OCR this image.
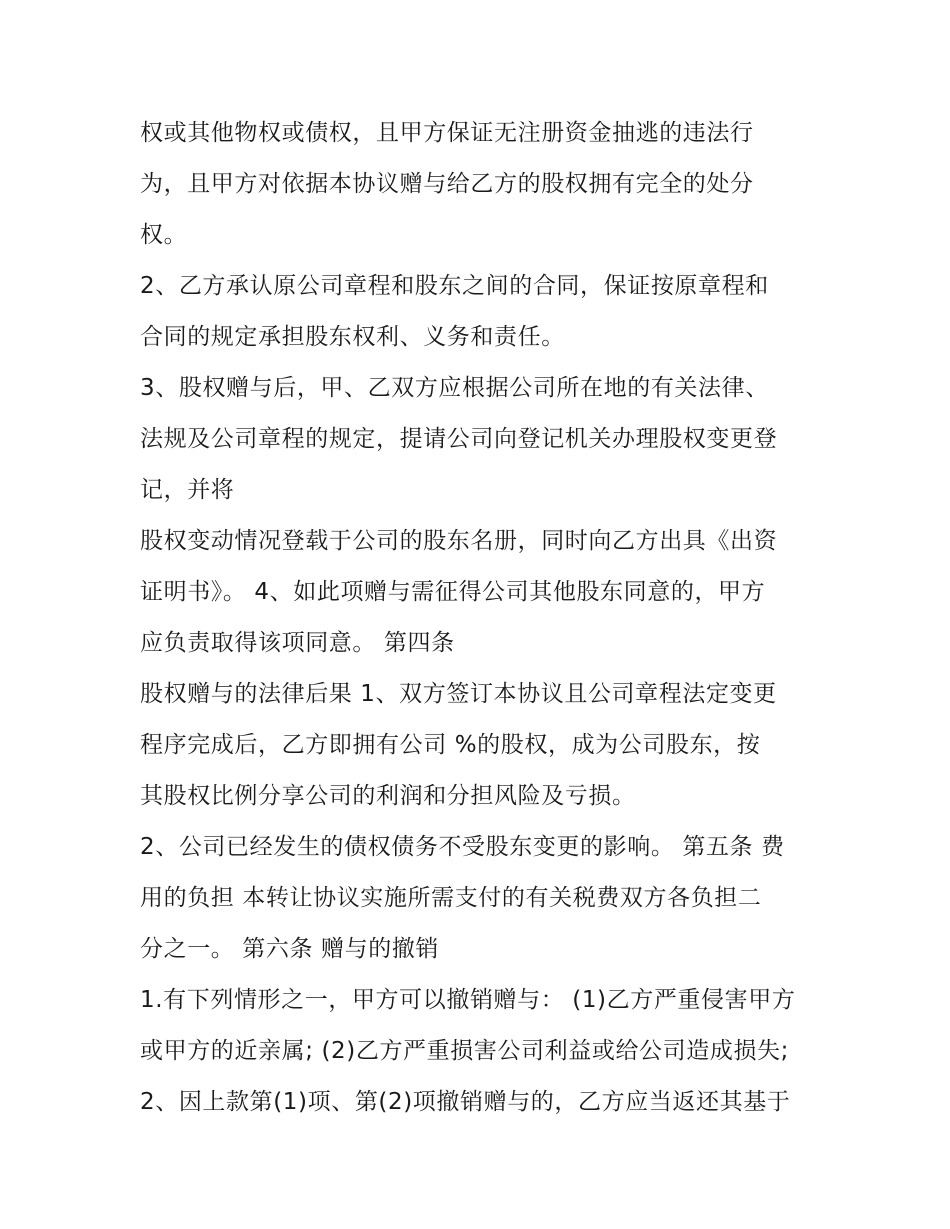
权或其他物权或债权，且甲方保证无注册资金抽逃的违法行
为，且甲方对依据本协议赠与给乙方的股权拥有完全的处分
权。
2、乙方承认原公司章程和股东之间的合同，保证按原章程和
合同的规定承担股东权利、义务和责任。
3、股权赠与后，甲、乙双方应根据公司所在地的有关法律、
法规及公司章程的规定，提请公司向登记机关办理股权变更登
记，并将
股权变动情况登载于公司的股东名册，同时向乙方出具《出资
证明书》。 4、如此项赠与需征得公司其他股东同意的，甲方
应负责取得该项同意。 第四条
股权赠与的法律后果 1、双方签订本协议且公司章程法定变更
程序完成后，乙方即拥有公司 %的股权，成为公司股东，按
其股权比例分享公司的利润和分担风险及亏损。
2、公司已经发生的债权债务不受股东变更的影响。 第五条 费
用的负担 本转让协议实施所需支付的有关税费双方各负担二
分之一。 第六条 赠与的撤销
1.有下列情形之一，甲方可以撤销赠与： (1)乙方严重侵害甲方
或甲方的近亲属; (2)乙方严重损害公司利益或给公司造成损失;
2、因上款第(1)项、第(2)项撤销赠与的，乙方应当返还其基于
